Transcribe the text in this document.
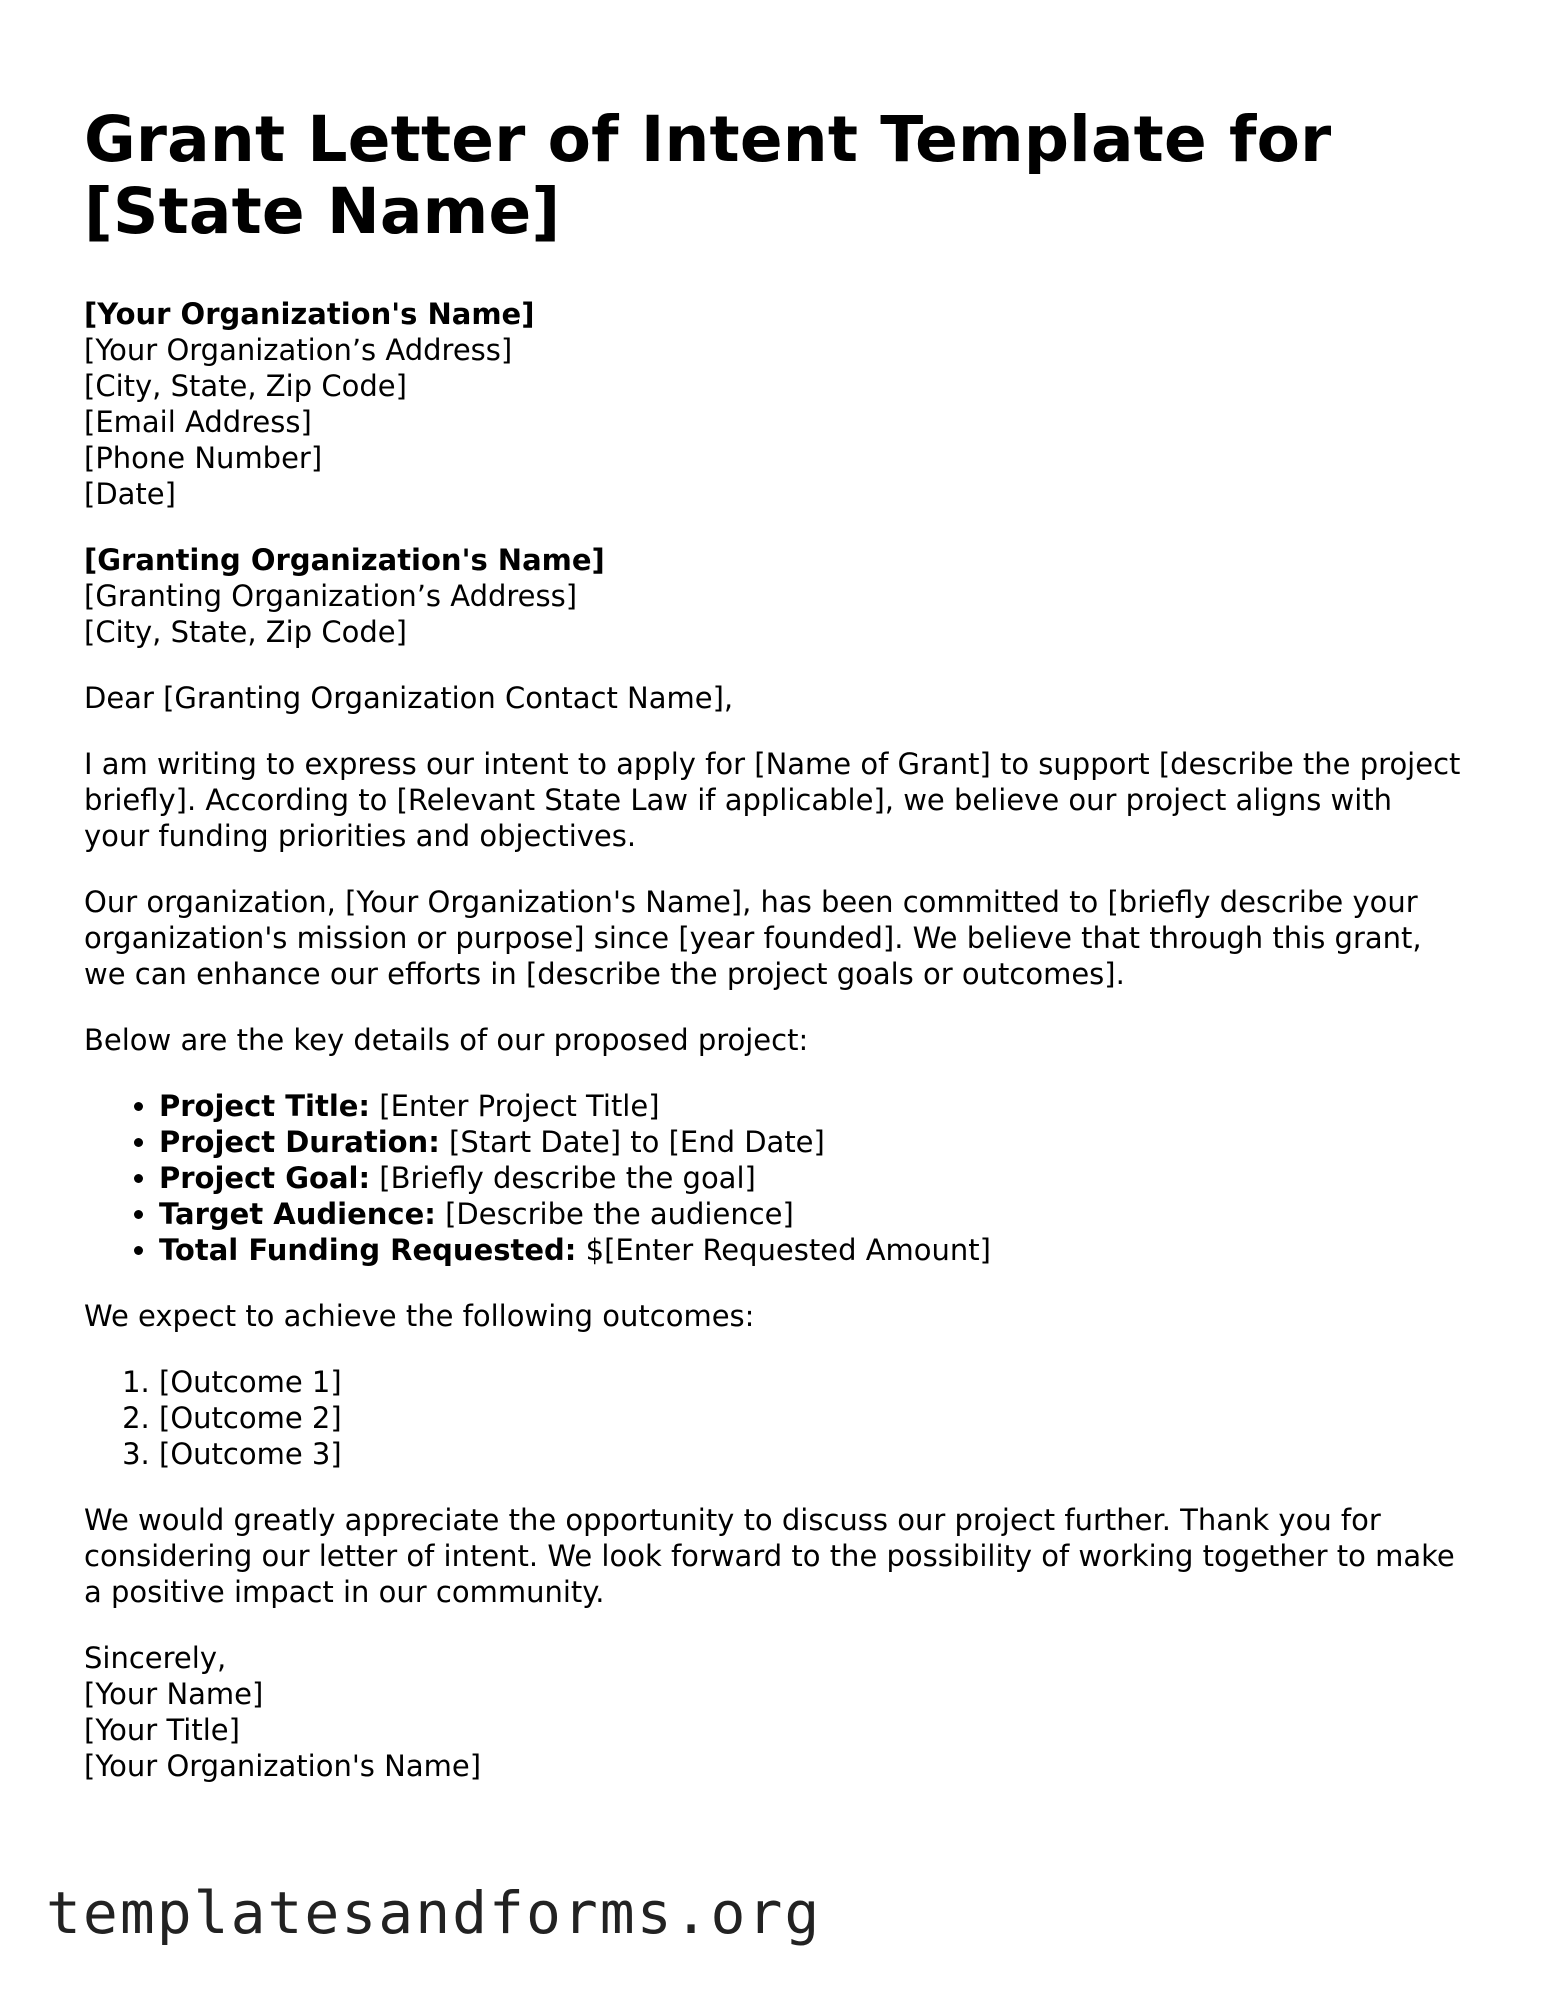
Grant Letter of Intent Template for
[State Name]
[Your Organization's Name]
[Your Organization’s Address]
[City, State, Zip Code]
[Email Address]
[Phone Number]
[Date]
[Granting Organization's Name]
[Granting Organization’s Address]
[City, State, Zip Code]

Dear [Granting Organization Contact Name],

I am writing to express our intent to apply for [Name of Grant] to support [describe the project briefly]. According to [Relevant State Law if applicable], we believe our project aligns with your funding priorities and objectives.

Our organization, [Your Organization's Name], has been committed to [briefly describe your organization's mission or purpose] since [year founded]. We believe that through this grant, we can enhance our efforts in [describe the project goals or outcomes].

Below are the key details of our proposed project:

• Project Title: [Enter Project Title]
• Project Duration: [Start Date] to [End Date]
• Project Goal: [Briefly describe the goal]
• Target Audience: [Describe the audience]
• Total Funding Requested: $[Enter Requested Amount]

We expect to achieve the following outcomes:

1. [Outcome 1]
2. [Outcome 2]
3. [Outcome 3]

We would greatly appreciate the opportunity to discuss our project further. Thank you for considering our letter of intent. We look forward to the possibility of working together to make a positive impact in our community.

Sincerely,
[Your Name]
[Your Title]
[Your Organization's Name]
templatesandforms.org
